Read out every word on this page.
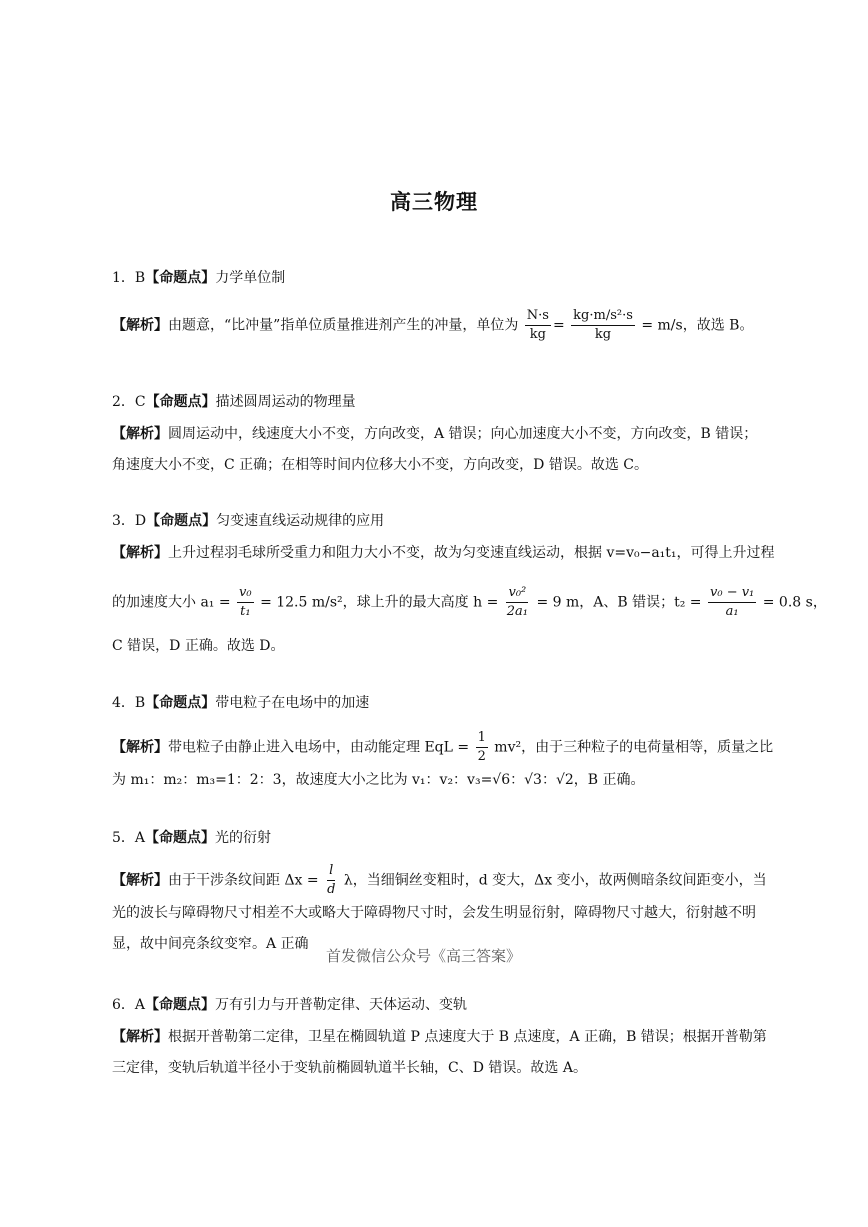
高三物理
1．B【命题点】力学单位制
【解析】由题意，“比冲量”指单位质量推进剂产生的冲量，单位为 $\frac{N\cdot s}{kg} = \frac{\text{kg·m/s²·s}}{kg} = m/s$，故选 B。
2．C【命题点】描述圆周运动的物理量
【解析】圆周运动中，线速度大小不变，方向改变，A 错误；向心加速度大小不变，方向改变，B 错误；
角速度大小不变，C 正确；在相等时间内位移大小不变，方向改变，D 错误。故选 C。
3．D【命题点】匀变速直线运动规律的应用
【解析】上升过程羽毛球所受重力和阻力大小不变，故为匀变速直线运动，根据 v=v₀−a₁t₁，可得上升过程
的加速度大小 $a_1 = \frac{\text{v₀}}{\text{t₁}} = 12.5$ m/s²，球上升的最大高度 $h = \frac{\text{v₀²}}{\text{2a₁}} = 9$ m，A、B 错误；$t_2 = \frac{\text{v₀ − v₁}}{\text{a₁}} = 0.8$ s，
C 错误，D 正确。故选 D。
4．B【命题点】带电粒子在电场中的加速
【解析】带电粒子由静止进入电场中，由动能定理 EqL = $\frac{1}{2} mv^2$，由于三种粒子的电荷量相等，质量之比
为 m₁：m₂：m₃=1：2：3，故速度大小之比为 v₁：v₂：v₃=√6：√3：√2，B 正确。
5．A【命题点】光的衍射
【解析】由于干涉条纹间距 $\Delta x = \frac{l}{d}$ λ，当细铜丝变粗时，d 变大，Δx 变小，故两侧暗条纹间距变小，当
光的波长与障碍物尺寸相差不大或略大于障碍物尺寸时，会发生明显衍射，障碍物尺寸越大，衍射越不明
显，故中间亮条纹变窄。A 正确
首发微信公众号《高三答案》
6．A【命题点】万有引力与开普勒定律、天体运动、变轨
【解析】根据开普勒第二定律，卫星在椭圆轨道 P 点速度大于 B 点速度，A 正确，B 错误；根据开普勒第
三定律，变轨后轨道半径小于变轨前椭圆轨道半长轴，C、D 错误。故选 A。
